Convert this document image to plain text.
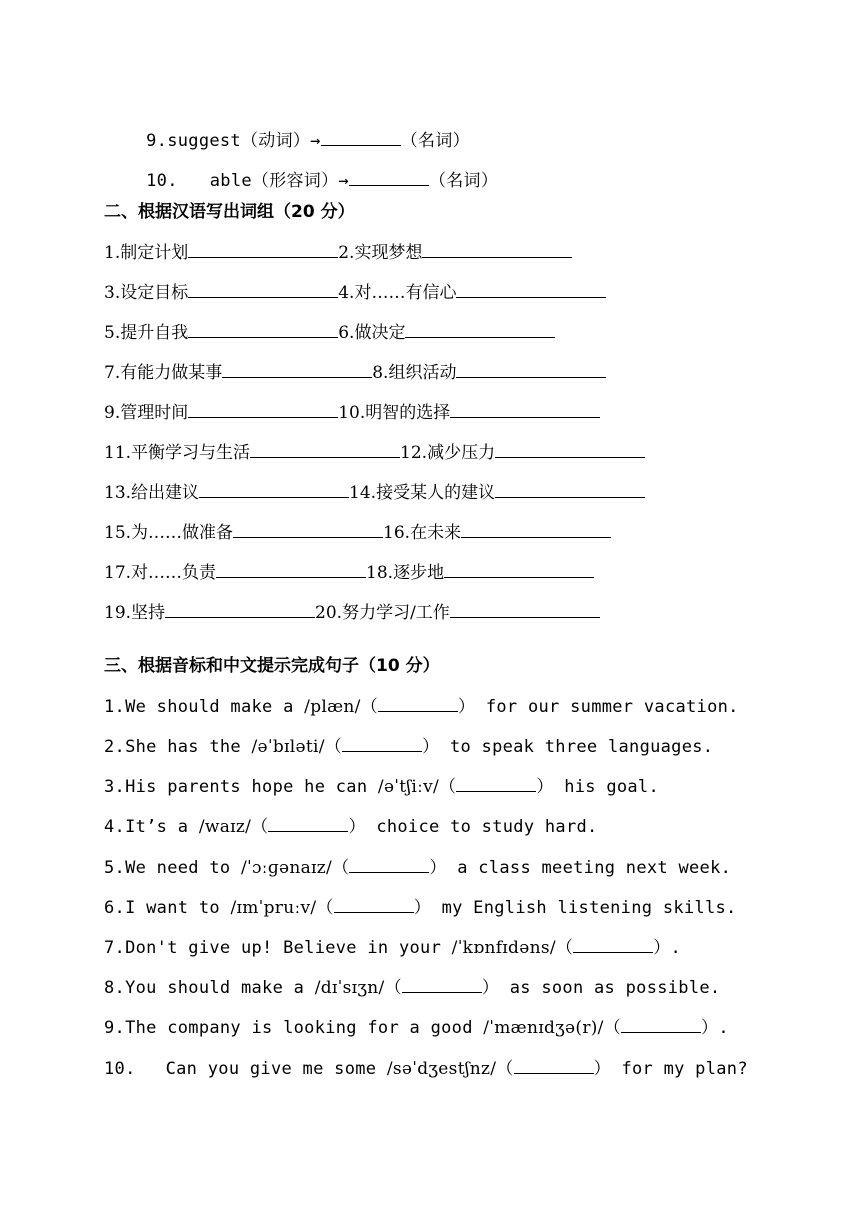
9.suggest（动词）→	（名词）

10. able（形容词）→	（名词）

二、根据汉语写出词组（20 分）
1.制定计划	2.实现梦想
3.设定目标	4.对……有信心
5.提升自我	6.做决定
7.有能力做某事	8.组织活动
9.管理时间	10.明智的选择
11.平衡学习与生活	12.减少压力
13.给出建议	14.接受某人的建议
15.为……做准备	16.在未来
17.对……负责	18.逐步地
19.坚持	20.努力学习/工作
三、根据音标和中文提示完成句子（10 分）
1.We should make a /plæn/（	） for our summer vacation.
2.She has the /əˈbɪləti/（	） to speak three languages.
3.His parents hope he can /əˈtʃiːv/（	） his goal.
4.It’s a /waɪz/（	） choice to study hard.
5.We need to /ˈɔːɡənaɪz/（	） a class meeting next week.
6.I want to /ɪmˈpruːv/（	） my English listening skills.
7.Don't give up! Believe in your /ˈkɒnfɪdəns/（	）.
8.You should make a /dɪˈsɪʒn/（	） as soon as possible.
9.The company is looking for a good /ˈmænɪdʒə(r)/（	）.
10. Can you give me some /səˈdʒestʃnz/（	） for my plan?
